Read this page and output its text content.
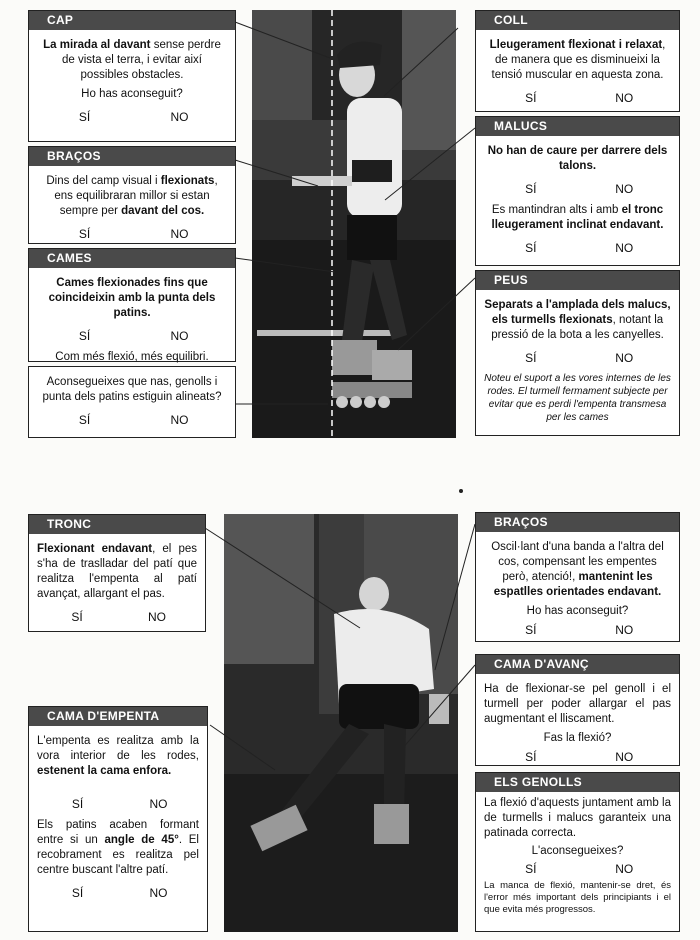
CAP

La mirada al davant sense perdre de vista el terra, i evitar així possibles obstacles.

Ho has aconseguit?

SÍ	NO
BRAÇOS

Dins del camp visual i flexionats, ens equilibraran millor si estan sempre per davant del cos.

SÍ	NO
CAMES

Cames flexionades fins que coincideixin amb la punta dels patins.

SÍ	NO

Com més flexió, més equilibri.

Aconsegueixes que nas, genolls i punta dels patins estiguin alineats?

SÍ	NO
COLL

Lleugerament flexionat i relaxat, de manera que es disminueixi la tensió muscular en aquesta zona.

SÍ	NO
MALUCS

No han de caure per darrere dels talons.

SÍ	NO

Es mantindran alts i amb el tronc lleugerament inclinat endavant.

SÍ	NO
PEUS

Separats a l'amplada dels malucs, els turmells flexionats, notant la pressió de la bota a les canyelles.

SÍ	NO

Noteu el suport a les vores internes de les rodes. El turmell fermament subjecte per evitar que es perdi l'empenta transmesa per les cames

TRONC

Flexionant endavant, el pes s'ha de traslladar del patí que realitza l'empenta al patí avançat, allargant el pas.

SÍ	NO
CAMA D'EMPENTA

L'empenta es realitza amb la vora interior de les rodes, estenent la cama enfora.

SÍ	NO

Els patins acaben formant entre si un angle de 45°. El recobrament es realitza pel centre buscant l'altre patí.

SÍ	NO
BRAÇOS

Oscil·lant d'una banda a l'altra del cos, compensant les empentes però, atenció!, mantenint les espatlles orientades endavant.

Ho has aconseguit?

SÍ	NO
CAMA D'AVANÇ

Ha de flexionar-se pel genoll i el turmell per poder allargar el pas augmentant el lliscament.

Fas la flexió?

SÍ	NO
ELS GENOLLS

La flexió d'aquests juntament amb la de turmells i malucs garanteix una patinada correcta.

L'aconsegueixes?

SÍ	NO

La manca de flexió, mantenir-se dret, és l'error més important dels principiants i el que evita més progressos.
